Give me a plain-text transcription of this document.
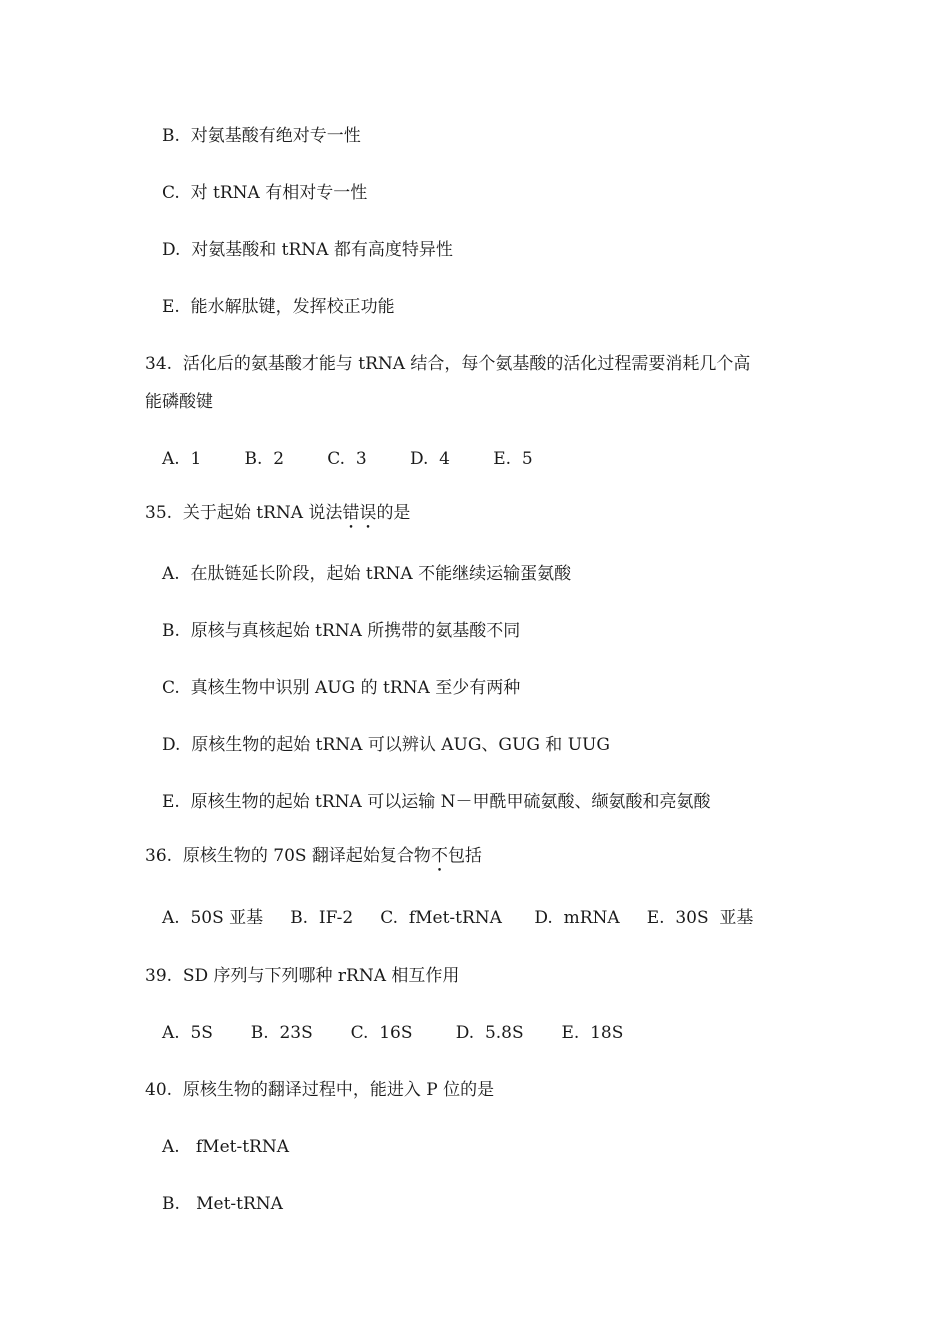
B.  对氨基酸有绝对专一性
C.  对 tRNA 有相对专一性
D.  对氨基酸和 tRNA 都有高度特异性
E.  能水解肽键，发挥校正功能
34.  活化后的氨基酸才能与 tRNA 结合，每个氨基酸的活化过程需要消耗几个高
能磷酸键
A.  1        B.  2        C.  3        D.  4        E.  5
35.  关于起始 tRNA 说法错误的是
A.  在肽链延长阶段，起始 tRNA 不能继续运输蛋氨酸
B.  原核与真核起始 tRNA 所携带的氨基酸不同
C.  真核生物中识别 AUG 的 tRNA 至少有两种
D.  原核生物的起始 tRNA 可以辨认 AUG、GUG 和 UUG
E.  原核生物的起始 tRNA 可以运输 N－甲酰甲硫氨酸、缬氨酸和亮氨酸
36.  原核生物的 70S 翻译起始复合物不包括
A.  50S 亚基     B.  IF-2     C.  fMet-tRNA      D.  mRNA     E.  30S  亚基
39.  SD 序列与下列哪种 rRNA 相互作用
A.  5S       B.  23S       C.  16S        D.  5.8S       E.  18S
40.  原核生物的翻译过程中，能进入 P 位的是
A.   fMet-tRNA
B.   Met-tRNA
